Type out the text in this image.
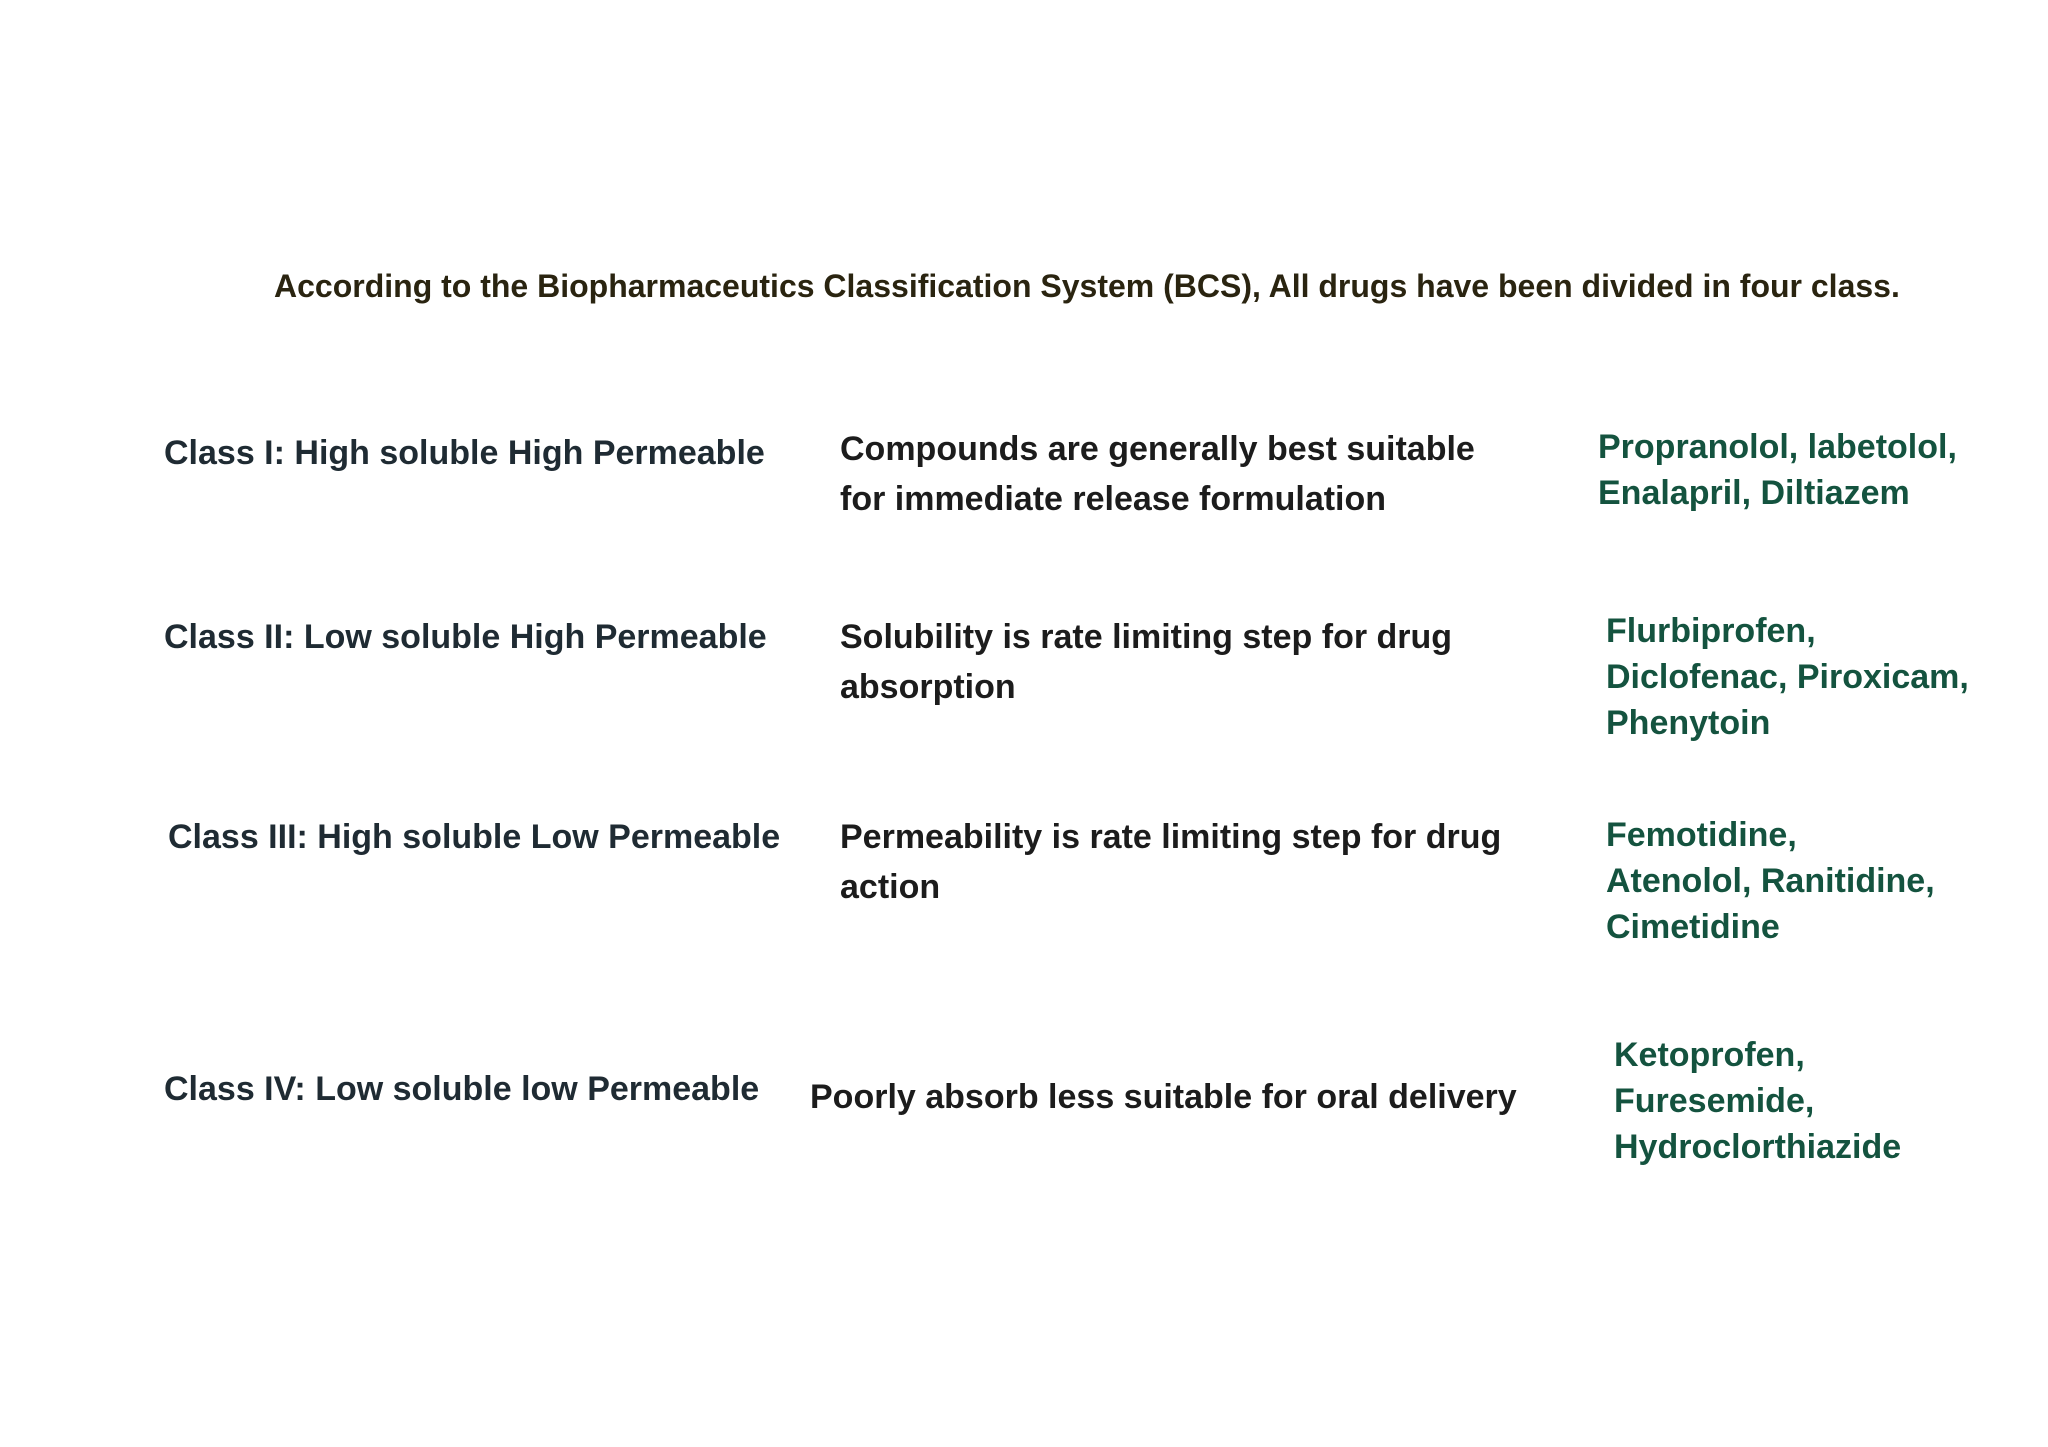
According to the Biopharmaceutics Classification System (BCS), All drugs have been divided in four class.
Class I: High soluble High Permeable Compounds are generally best suitable
for immediate release formulation
Propranolol, labetolol,
Enalapril, Diltiazem
Class II: Low soluble High Permeable Solubility is rate limiting step for drug
absorption
Flurbiprofen,
Diclofenac, Piroxicam,
Phenytoin
Class III: High soluble Low Permeable Permeability is rate limiting step for drug
action
Femotidine,
Atenolol, Ranitidine,
Cimetidine
Class IV: Low soluble low Permeable Poorly absorb less suitable for oral delivery
Ketoprofen,
Furesemide,
Hydroclorthiazide
